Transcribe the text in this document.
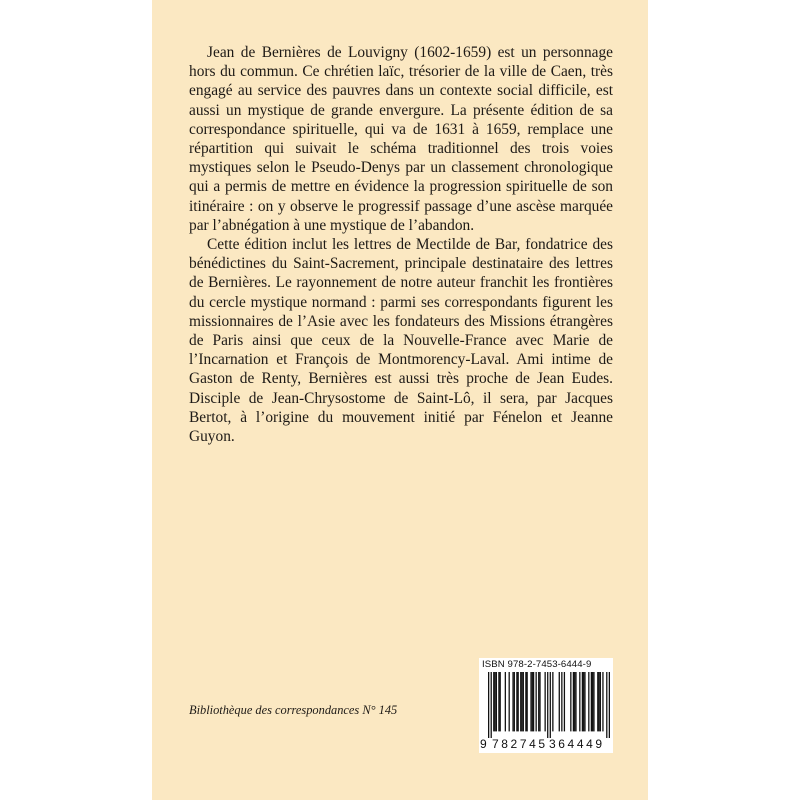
Jean de Bernières de Louvigny (1602-1659) est un personnage hors du commun. Ce chrétien laïc, trésorier de la ville de Caen, très engagé au service des pauvres dans un contexte social difficile, est aussi un mystique de grande envergure. La présente édition de sa correspondance spirituelle, qui va de 1631 à 1659, remplace une répartition qui suivait le schéma traditionnel des trois voies mystiques selon le Pseudo-Denys par un classement chronologique qui a permis de mettre en évidence la progression spirituelle de son itinéraire : on y observe le progressif passage d’une ascèse marquée par l’abnégation à une mystique de l’abandon.

Cette édition inclut les lettres de Mectilde de Bar, fondatrice des bénédictines du Saint-Sacrement, principale destinataire des lettres de Bernières. Le rayonnement de notre auteur franchit les frontières du cercle mystique normand : parmi ses correspondants figurent les missionnaires de l’Asie avec les fondateurs des Missions étrangères de Paris ainsi que ceux de la Nouvelle-France avec Marie de l’Incarnation et François de Montmorency-Laval. Ami intime de Gaston de Renty, Bernières est aussi très proche de Jean Eudes. Disciple de Jean-Chrysostome de Saint-Lô, il sera, par Jacques Bertot, à l’origine du mouvement initié par Fénelon et Jeanne Guyon.

Bibliothèque des correspondances N° 145
ISBN 978-2-7453-6444-9
9 782745 364449
